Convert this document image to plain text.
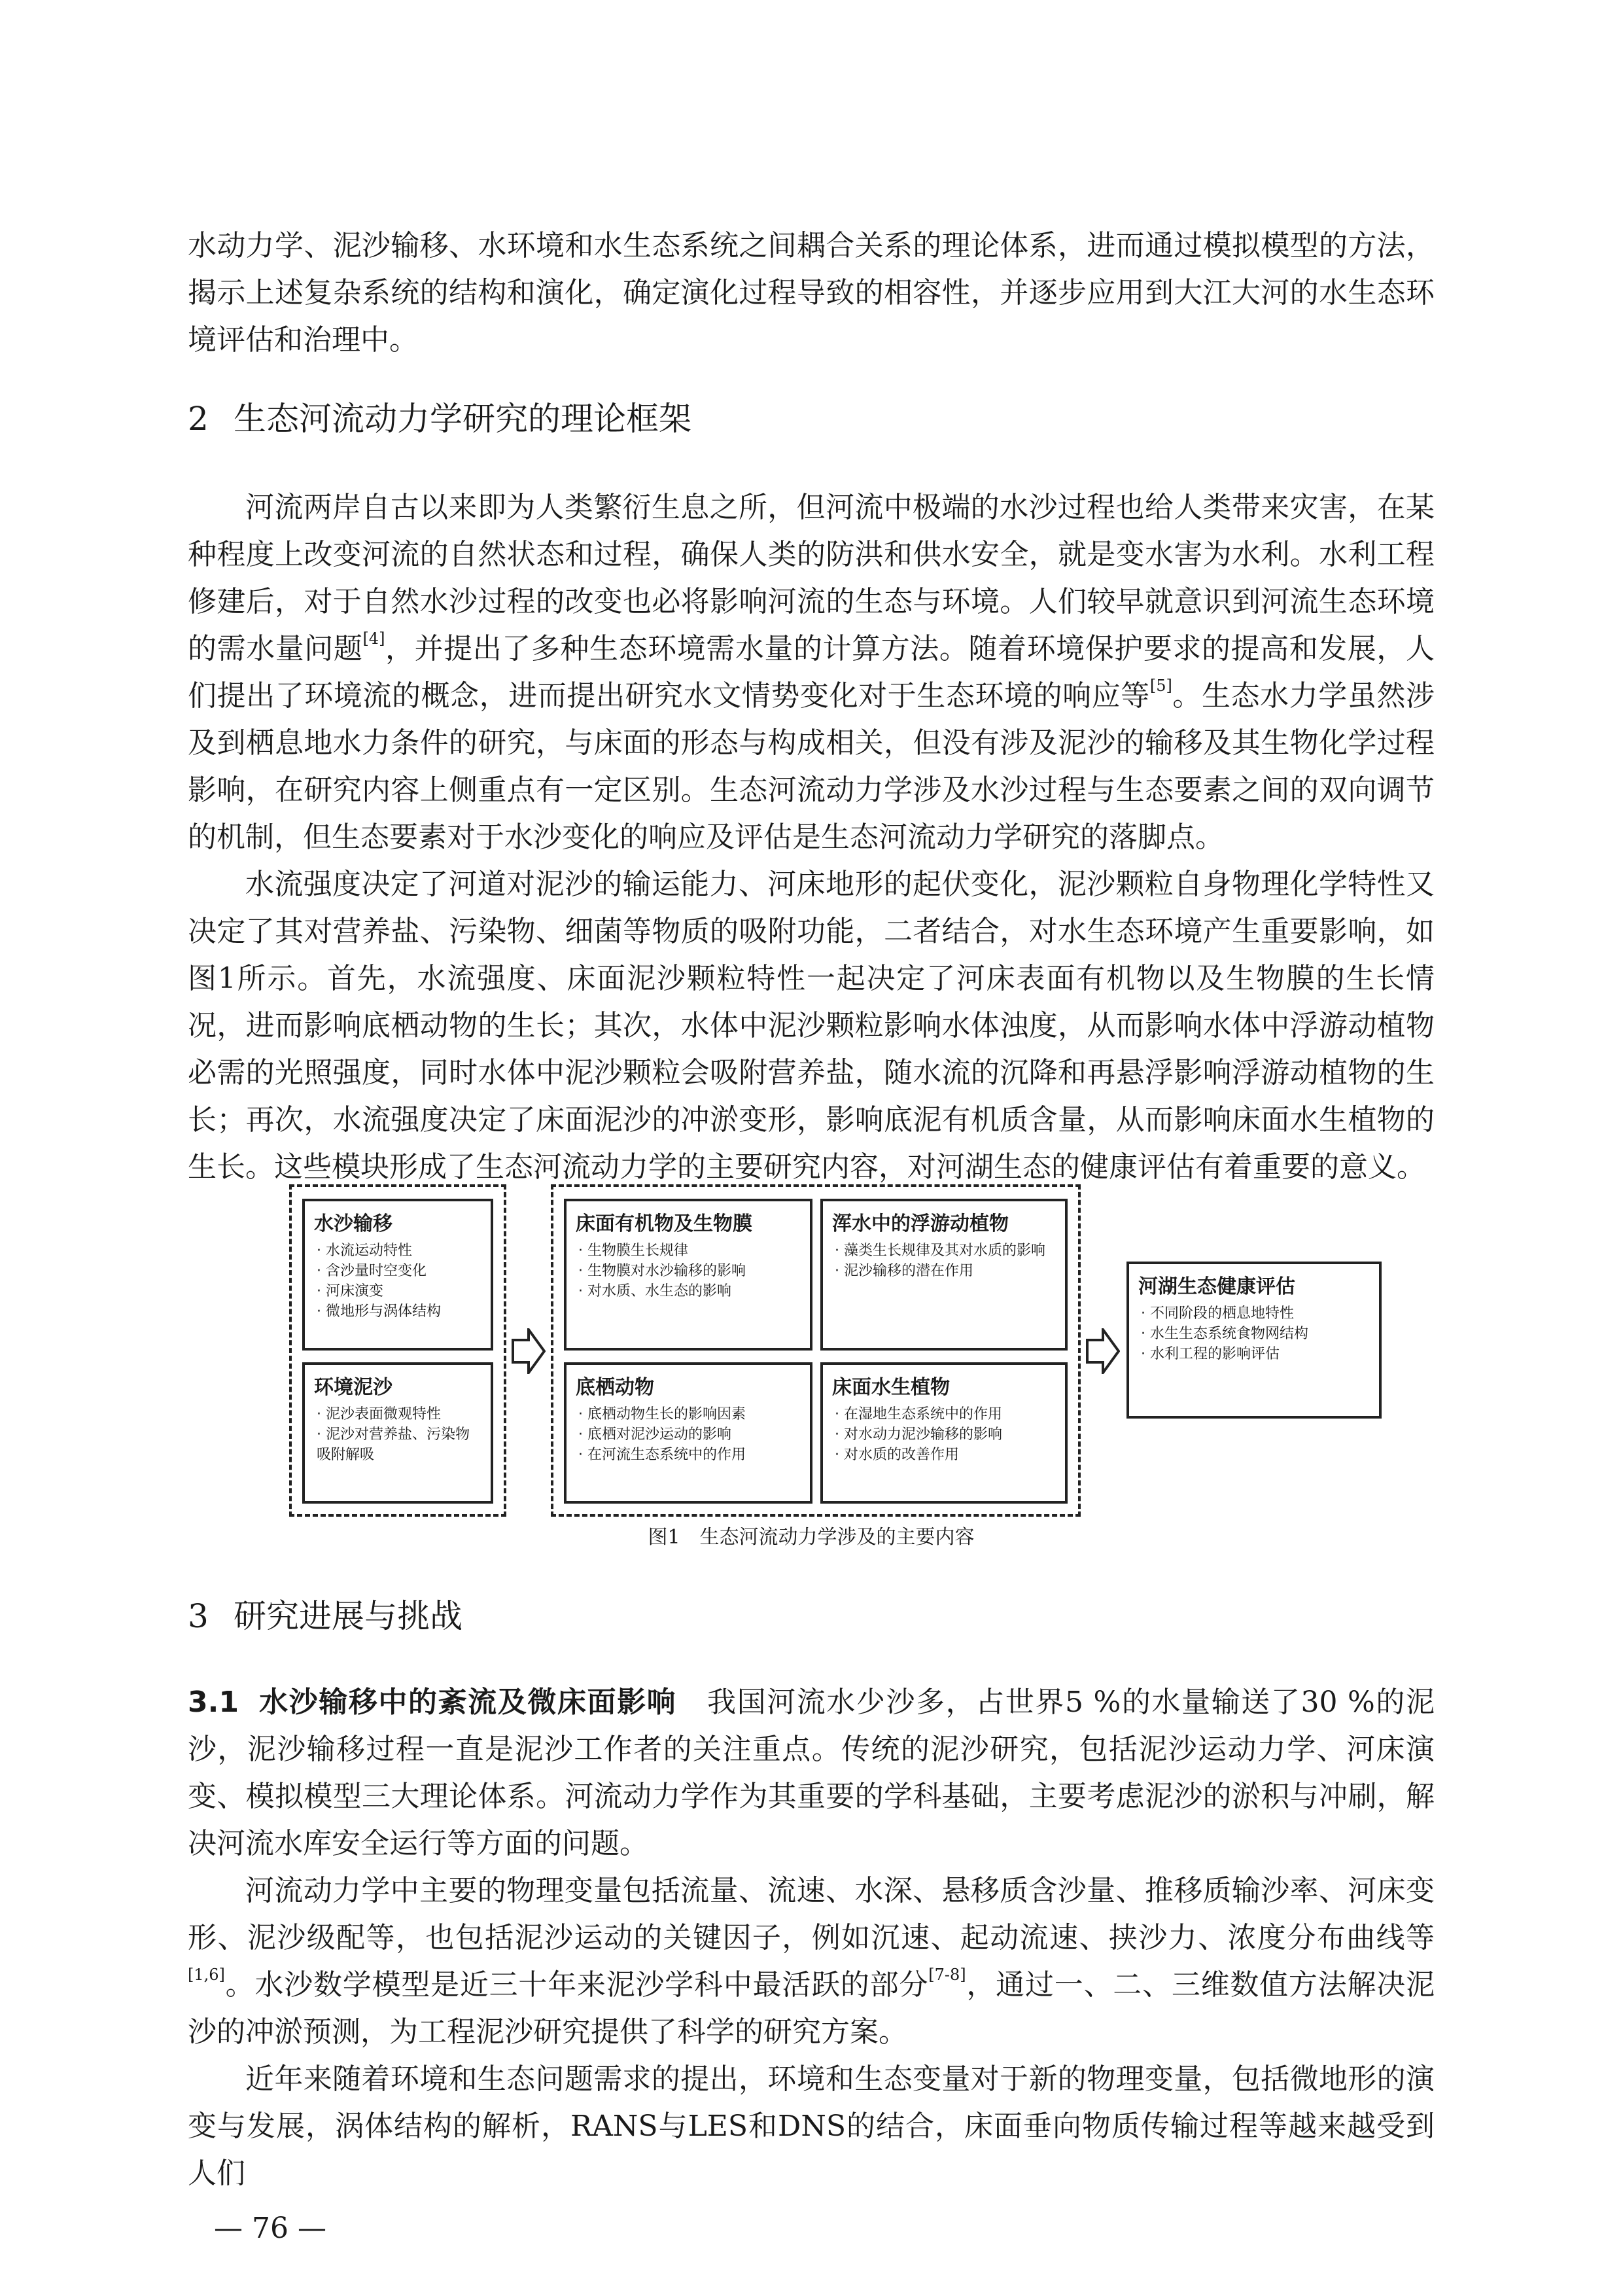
水动力学、泥沙输移、水环境和水生态系统之间耦合关系的理论体系，进而通过模拟模型的方法，揭示上述复杂系统的结构和演化，确定演化过程导致的相容性，并逐步应用到大江大河的水生态环境评估和治理中。

2 生态河流动力学研究的理论框架

河流两岸自古以来即为人类繁衍生息之所，但河流中极端的水沙过程也给人类带来灾害，在某种程度上改变河流的自然状态和过程，确保人类的防洪和供水安全，就是变水害为水利。水利工程修建后，对于自然水沙过程的改变也必将影响河流的生态与环境。人们较早就意识到河流生态环境的需水量问题[4]，并提出了多种生态环境需水量的计算方法。随着环境保护要求的提高和发展，人们提出了环境流的概念，进而提出研究水文情势变化对于生态环境的响应等[5]。生态水力学虽然涉及到栖息地水力条件的研究，与床面的形态与构成相关，但没有涉及泥沙的输移及其生物化学过程影响，在研究内容上侧重点有一定区别。生态河流动力学涉及水沙过程与生态要素之间的双向调节的机制，但生态要素对于水沙变化的响应及评估是生态河流动力学研究的落脚点。

水流强度决定了河道对泥沙的输运能力、河床地形的起伏变化，泥沙颗粒自身物理化学特性又决定了其对营养盐、污染物、细菌等物质的吸附功能，二者结合，对水生态环境产生重要影响，如图1所示。首先，水流强度、床面泥沙颗粒特性一起决定了河床表面有机物以及生物膜的生长情况，进而影响底栖动物的生长；其次，水体中泥沙颗粒影响水体浊度，从而影响水体中浮游动植物必需的光照强度，同时水体中泥沙颗粒会吸附营养盐，随水流的沉降和再悬浮影响浮游动植物的生长；再次，水流强度决定了床面泥沙的冲淤变形，影响底泥有机质含量，从而影响床面水生植物的生长。这些模块形成了生态河流动力学的主要研究内容，对河湖生态的健康评估有着重要的意义。

水沙输移
· 水流运动特性
· 含沙量时空变化
· 河床演变
· 微地形与涡体结构
环境泥沙
· 泥沙表面微观特性
· 泥沙对营养盐、污染物吸附解吸
床面有机物及生物膜
· 生物膜生长规律
· 生物膜对水沙输移的影响
· 对水质、水生态的影响
浑水中的浮游动植物
· 藻类生长规律及其对水质的影响
· 泥沙输移的潜在作用
底栖动物
· 底栖动物生长的影响因素
· 底栖对泥沙运动的影响
· 在河流生态系统中的作用
床面水生植物
· 在湿地生态系统中的作用
· 对水动力泥沙输移的影响
· 对水质的改善作用
河湖生态健康评估
· 不同阶段的栖息地特性
· 水生生态系统食物网结构
· 水利工程的影响评估
图1　生态河流动力学涉及的主要内容
3 研究进展与挑战

3.1 水沙输移中的紊流及微床面影响 我国河流水少沙多，占世界5 %的水量输送了30 %的泥沙，泥沙输移过程一直是泥沙工作者的关注重点。传统的泥沙研究，包括泥沙运动力学、河床演变、模拟模型三大理论体系。河流动力学作为其重要的学科基础，主要考虑泥沙的淤积与冲刷，解决河流水库安全运行等方面的问题。

河流动力学中主要的物理变量包括流量、流速、水深、悬移质含沙量、推移质输沙率、河床变形、泥沙级配等，也包括泥沙运动的关键因子，例如沉速、起动流速、挟沙力、浓度分布曲线等[1,6]。水沙数学模型是近三十年来泥沙学科中最活跃的部分[7-8]，通过一、二、三维数值方法解决泥沙的冲淤预测，为工程泥沙研究提供了科学的研究方案。

近年来随着环境和生态问题需求的提出，环境和生态变量对于新的物理变量，包括微地形的演变与发展，涡体结构的解析，RANS与LES和DNS的结合，床面垂向物质传输过程等越来越受到人们

— 76 —
